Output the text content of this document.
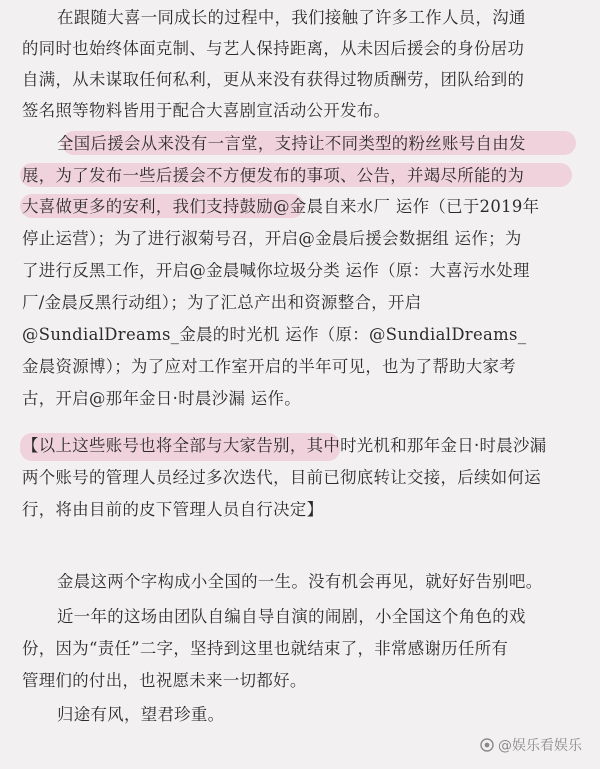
在跟随大喜一同成长的过程中，我们接触了许多工作人员，沟通
的同时也始终体面克制、与艺人保持距离，从未因后援会的身份居功
自满，从未谋取任何私利，更从来没有获得过物质酬劳，团队给到的
签名照等物料皆用于配合大喜剧宣活动公开发布。
全国后援会从来没有一言堂，支持让不同类型的粉丝账号自由发
展，为了发布一些后援会不方便发布的事项、公告，并竭尽所能的为
大喜做更多的安利，我们支持鼓励@金晨自来水厂 运作（已于2019年
停止运营）；为了进行淑菊号召，开启@金晨后援会数据组 运作；为
了进行反黑工作，开启@金晨喊你垃圾分类 运作（原：大喜污水处理
厂/金晨反黑行动组）；为了汇总产出和资源整合，开启
@SundialDreams_金晨的时光机 运作（原：@SundialDreams_
金晨资源博）；为了应对工作室开启的半年可见，也为了帮助大家考
古，开启@那年金日·时晨沙漏 运作。
【以上这些账号也将全部与大家告别，其中时光机和那年金日·时晨沙漏
两个账号的管理人员经过多次迭代，目前已彻底转让交接，后续如何运
行，将由目前的皮下管理人员自行决定】
金晨这两个字构成小全国的一生。没有机会再见，就好好告别吧。
近一年的这场由团队自编自导自演的闹剧，小全国这个角色的戏
份，因为“责任”二字，坚持到这里也就结束了，非常感谢历任所有
管理们的付出，也祝愿未来一切都好。
归途有风，望君珍重。
@娱乐看娱乐
